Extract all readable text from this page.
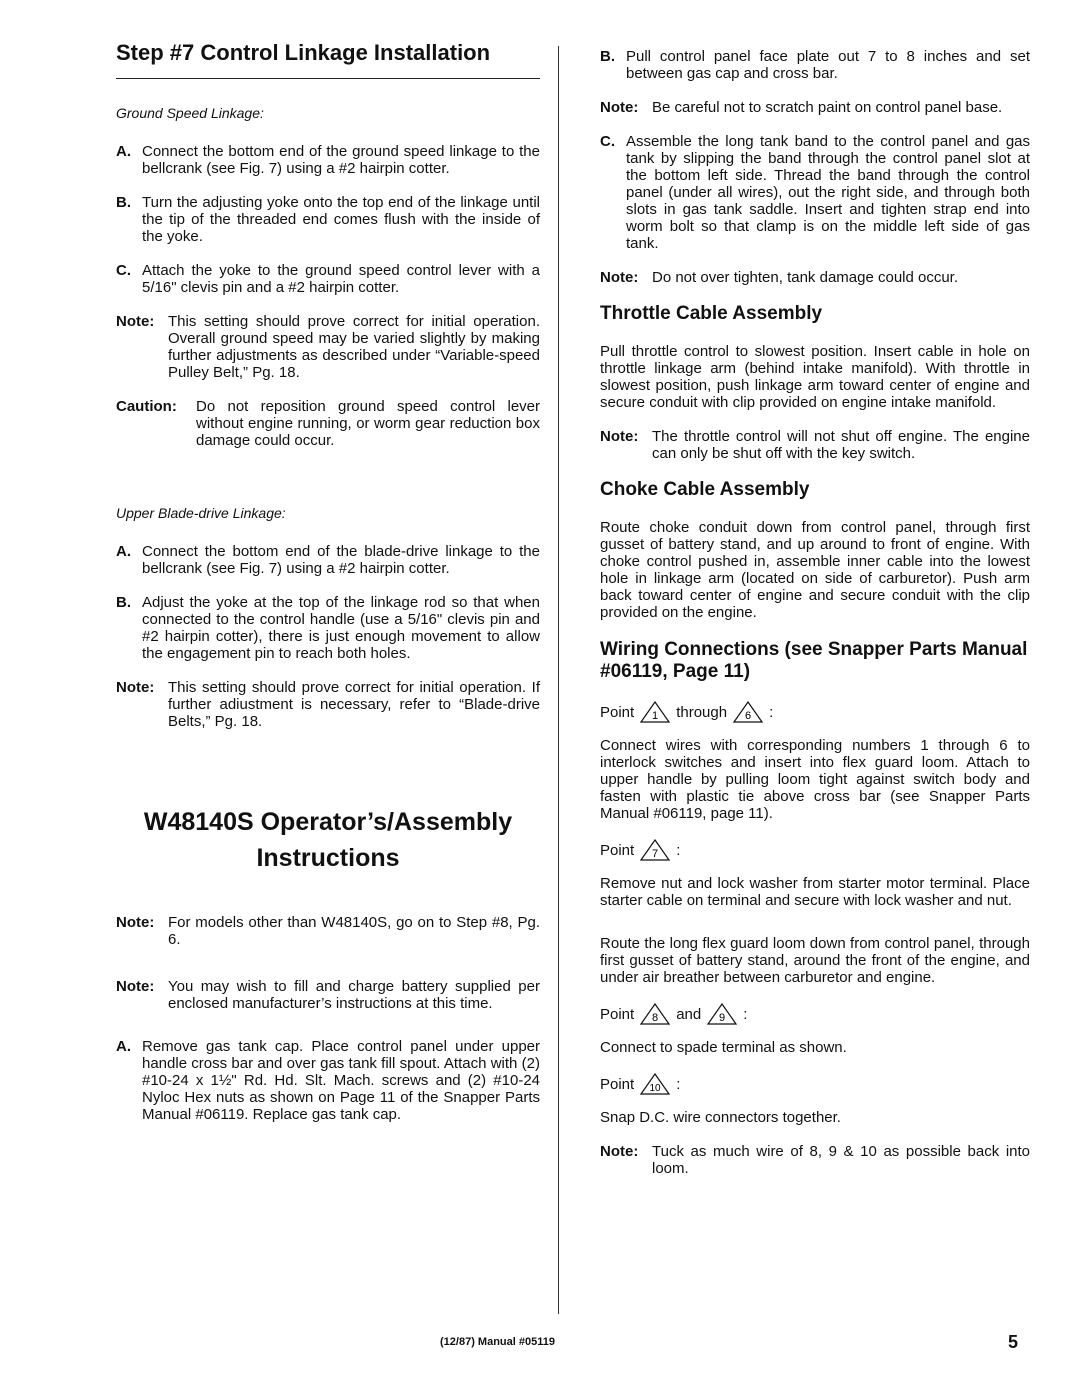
Step #7 Control Linkage Installation
Ground Speed Linkage:
A. Connect the bottom end of the ground speed linkage to the bellcrank (see Fig. 7) using a #2 hairpin cotter.
B. Turn the adjusting yoke onto the top end of the linkage until the tip of the threaded end comes flush with the inside of the yoke.
C. Attach the yoke to the ground speed control lever with a 5/16" clevis pin and a #2 hairpin cotter.
Note: This setting should prove correct for initial operation. Overall ground speed may be varied slightly by making further adjustments as described under “Variable-speed Pulley Belt,” Pg. 18.
Caution:	Do not reposition ground speed control lever without engine running, or worm gear reduction box damage could occur.
Upper Blade-drive Linkage:
A. Connect the bottom end of the blade-drive linkage to the bellcrank (see Fig. 7) using a #2 hairpin cotter.
B. Adjust the yoke at the top of the linkage rod so that when connected to the control handle (use a 5/16" clevis pin and #2 hairpin cotter), there is just enough movement to allow the engagement pin to reach both holes.
Note: This setting should prove correct for initial operation. If further adiustment is necessary, refer to “Blade-drive Belts,” Pg. 18.
W48140S Operator’s/Assembly
Instructions
Note: For models other than W48140S, go on to Step #8, Pg. 6.
Note: You may wish to fill and charge battery supplied per enclosed manufacturer’s instructions at this time.
A. Remove gas tank cap. Place control panel under upper handle cross bar and over gas tank fill spout. Attach with (2) #10-24 x 1½" Rd. Hd. Slt. Mach. screws and (2) #10-24 Nyloc Hex nuts as shown on Page 11 of the Snapper Parts Manual #06119. Replace gas tank cap.
B. Pull control panel face plate out 7 to 8 inches and set between gas cap and cross bar.
Note: Be careful not to scratch paint on control panel base.
C. Assemble the long tank band to the control panel and gas tank by slipping the band through the control panel slot at the bottom left side. Thread the band through the control panel (under all wires), out the right side, and through both slots in gas tank saddle. Insert and tighten strap end into worm bolt so that clamp is on the middle left side of gas tank.
Note: Do not over tighten, tank damage could occur.
Throttle Cable Assembly
Pull throttle control to slowest position. Insert cable in hole on throttle linkage arm (behind intake manifold). With throttle in slowest position, push linkage arm toward center of engine and secure conduit with clip provided on engine intake manifold.
Note: The throttle control will not shut off engine. The engine can only be shut off with the key switch.
Choke Cable Assembly
Route choke conduit down from control panel, through first gusset of battery stand, and up around to front of engine. With choke control pushed in, assemble inner cable into the lowest hole in linkage arm (located on side of carburetor). Push arm back toward center of engine and secure conduit with the clip provided on the engine.
Wiring Connections (see Snapper Parts Manual #06119, Page 11)
Point 1 through 6 :
Connect wires with corresponding numbers 1 through 6 to interlock switches and insert into flex guard loom. Attach to upper handle by pulling loom tight against switch body and fasten with plastic tie above cross bar (see Snapper Parts Manual #06119, page 11).
Point 7 :
Remove nut and lock washer from starter motor terminal. Place starter cable on terminal and secure with lock washer and nut.
Route the long flex guard loom down from control panel, through first gusset of battery stand, around the front of the engine, and under air breather between carburetor and engine.
Point 8 and 9 :
Connect to spade terminal as shown.
Point 10 :
Snap D.C. wire connectors together.
Note: Tuck as much wire of 8, 9 & 10 as possible back into loom.
(12/87) Manual #05119	5
